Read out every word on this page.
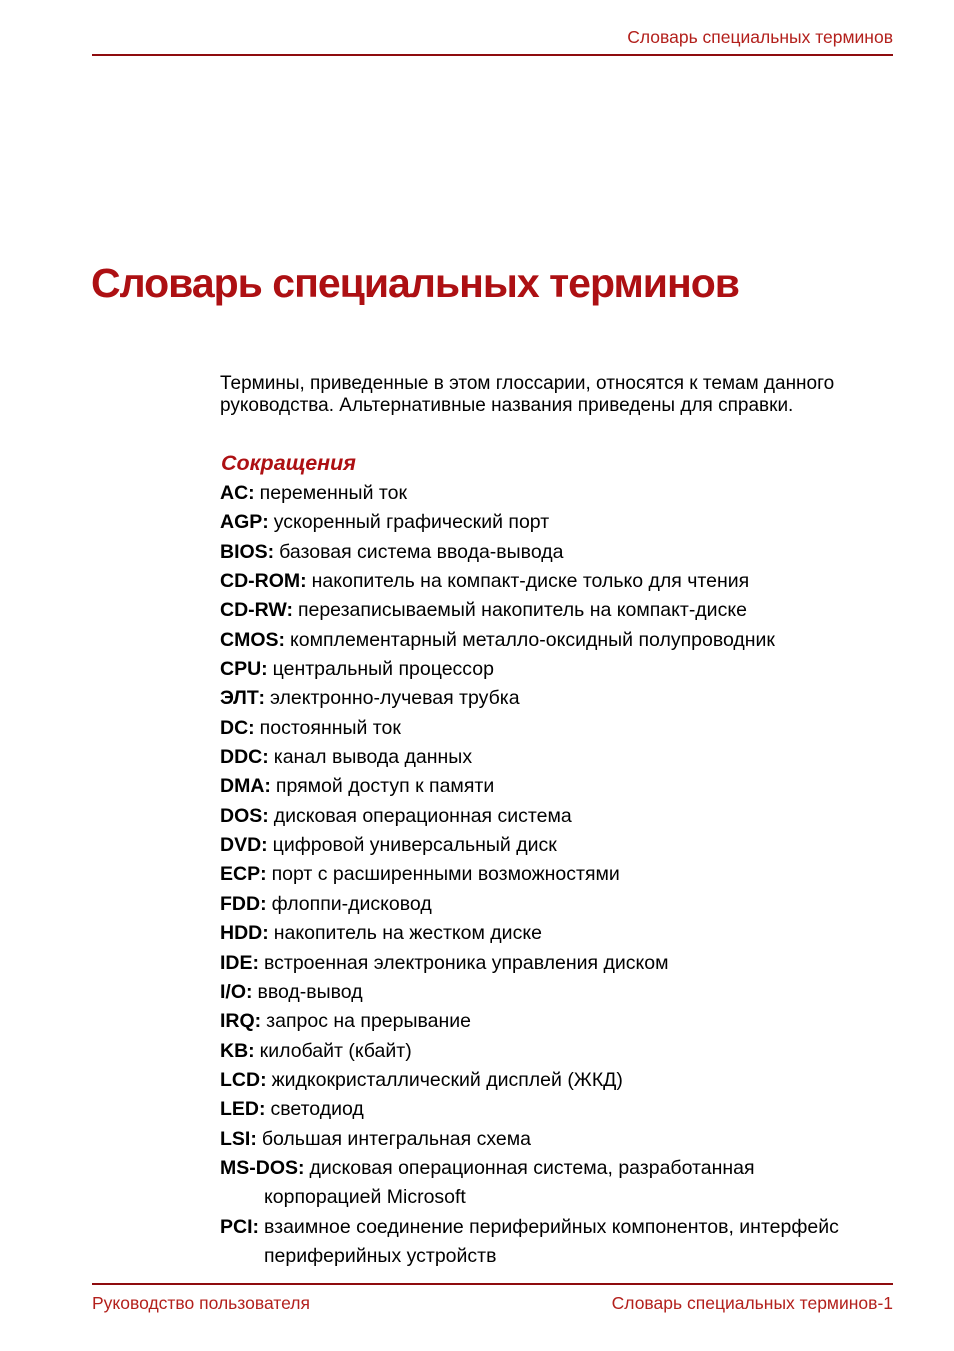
Словарь специальных терминов
Словарь специальных терминов

Термины, приведенные в этом глоссарии, относятся к темам данного руководства. Альтернативные названия приведены для справки.

Сокращения
AC: переменный ток
AGP: ускоренный графический порт
BIOS: базовая система ввода-вывода
CD-ROM: накопитель на компакт-диске только для чтения
CD-RW: перезаписываемый накопитель на компакт-диске
CMOS: комплементарный металло-оксидный полупроводник
CPU: центральный процессор
ЭЛТ: электронно-лучевая трубка
DC: постоянный ток
DDC: канал вывода данных
DMA: прямой доступ к памяти
DOS: дисковая операционная система
DVD: цифровой универсальный диск
ECP: порт с расширенными возможностями
FDD: флоппи-дисковод
HDD: накопитель на жестком диске
IDE: встроенная электроника управления диском
I/O: ввод-вывод
IRQ: запрос на прерывание
KB: килобайт (кбайт)
LCD: жидкокристаллический дисплей (ЖКД)
LED: светодиод
LSI: большая интегральная схема
MS-DOS: дисковая операционная система, разработанная корпорацией Microsoft
PCI: взаимное соединение периферийных компонентов, интерфейс периферийных устройств
Руководство пользователя	Словарь специальных терминов-1
